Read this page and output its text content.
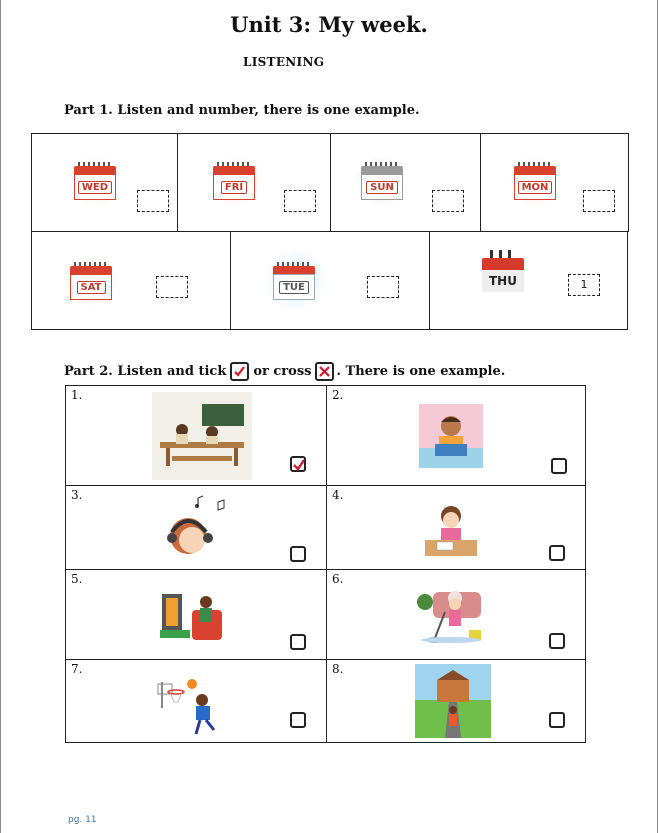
Unit 3: My week.
LISTENING
Part 1. Listen and number, there is one example.
WED	FRI	SUN	MON
SAT	TUE	THU	1
Part 2. Listen and tick or cross . There is one example.
1.	2.
3.	4.
5.	6.
7.	8.
pg. 11
